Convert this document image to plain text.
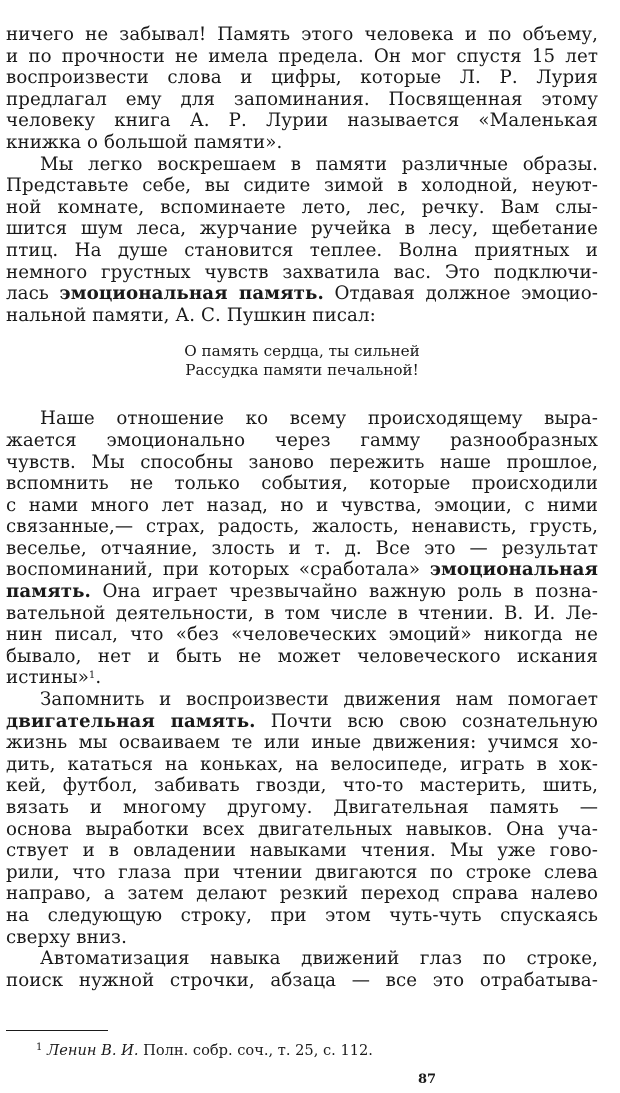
ничего не забывал! Память этого человека и по объему,
и по прочности не имела предела. Он мог спустя 15 лет
воспроизвести слова и цифры, которые Л. Р. Лурия
предлагал ему для запоминания. Посвященная этому
человеку книга А. Р. Лурии называется «Маленькая
книжка о большой памяти».
Мы легко воскрешаем в памяти различные образы.
Представьте себе, вы сидите зимой в холодной, неуют-
ной комнате, вспоминаете лето, лес, речку. Вам слы-
шится шум леса, журчание ручейка в лесу, щебетание
птиц. На душе становится теплее. Волна приятных и
немного грустных чувств захватила вас. Это подключи-
лась эмоциональная память. Отдавая должное эмоцио-
нальной памяти, А. С. Пушкин писал:
О память сердца, ты сильней
Рассудка памяти печальной!
Наше отношение ко всему происходящему выра-
жается эмоционально через гамму разнообразных
чувств. Мы способны заново пережить наше прошлое,
вспомнить не только события, которые происходили
с нами много лет назад, но и чувства, эмоции, с ними
связанные,— страх, радость, жалость, ненависть, грусть,
веселье, отчаяние, злость и т. д. Все это — результат
воспоминаний, при которых «сработала» эмоциональная
память. Она играет чрезвычайно важную роль в позна-
вательной деятельности, в том числе в чтении. В. И. Ле-
нин писал, что «без «человеческих эмоций» никогда не
бывало, нет и быть не может человеческого искания
истины»$^1$.
Запомнить и воспроизвести движения нам помогает
двигательная память. Почти всю свою сознательную
жизнь мы осваиваем те или иные движения: учимся хо-
дить, кататься на коньках, на велосипеде, играть в хок-
кей, футбол, забивать гвозди, что-то мастерить, шить,
вязать и многому другому. Двигательная память —
основа выработки всех двигательных навыков. Она уча-
ствует и в овладении навыками чтения. Мы уже гово-
рили, что глаза при чтении двигаются по строке слева
направо, а затем делают резкий переход справа налево
на следующую строку, при этом чуть-чуть спускаясь
сверху вниз.
Автоматизация навыка движений глаз по строке,
поиск нужной строчки, абзаца — все это отрабатыва-
$^1$ Ленин В. И. Полн. собр. соч., т. 25, с. 112.
87
